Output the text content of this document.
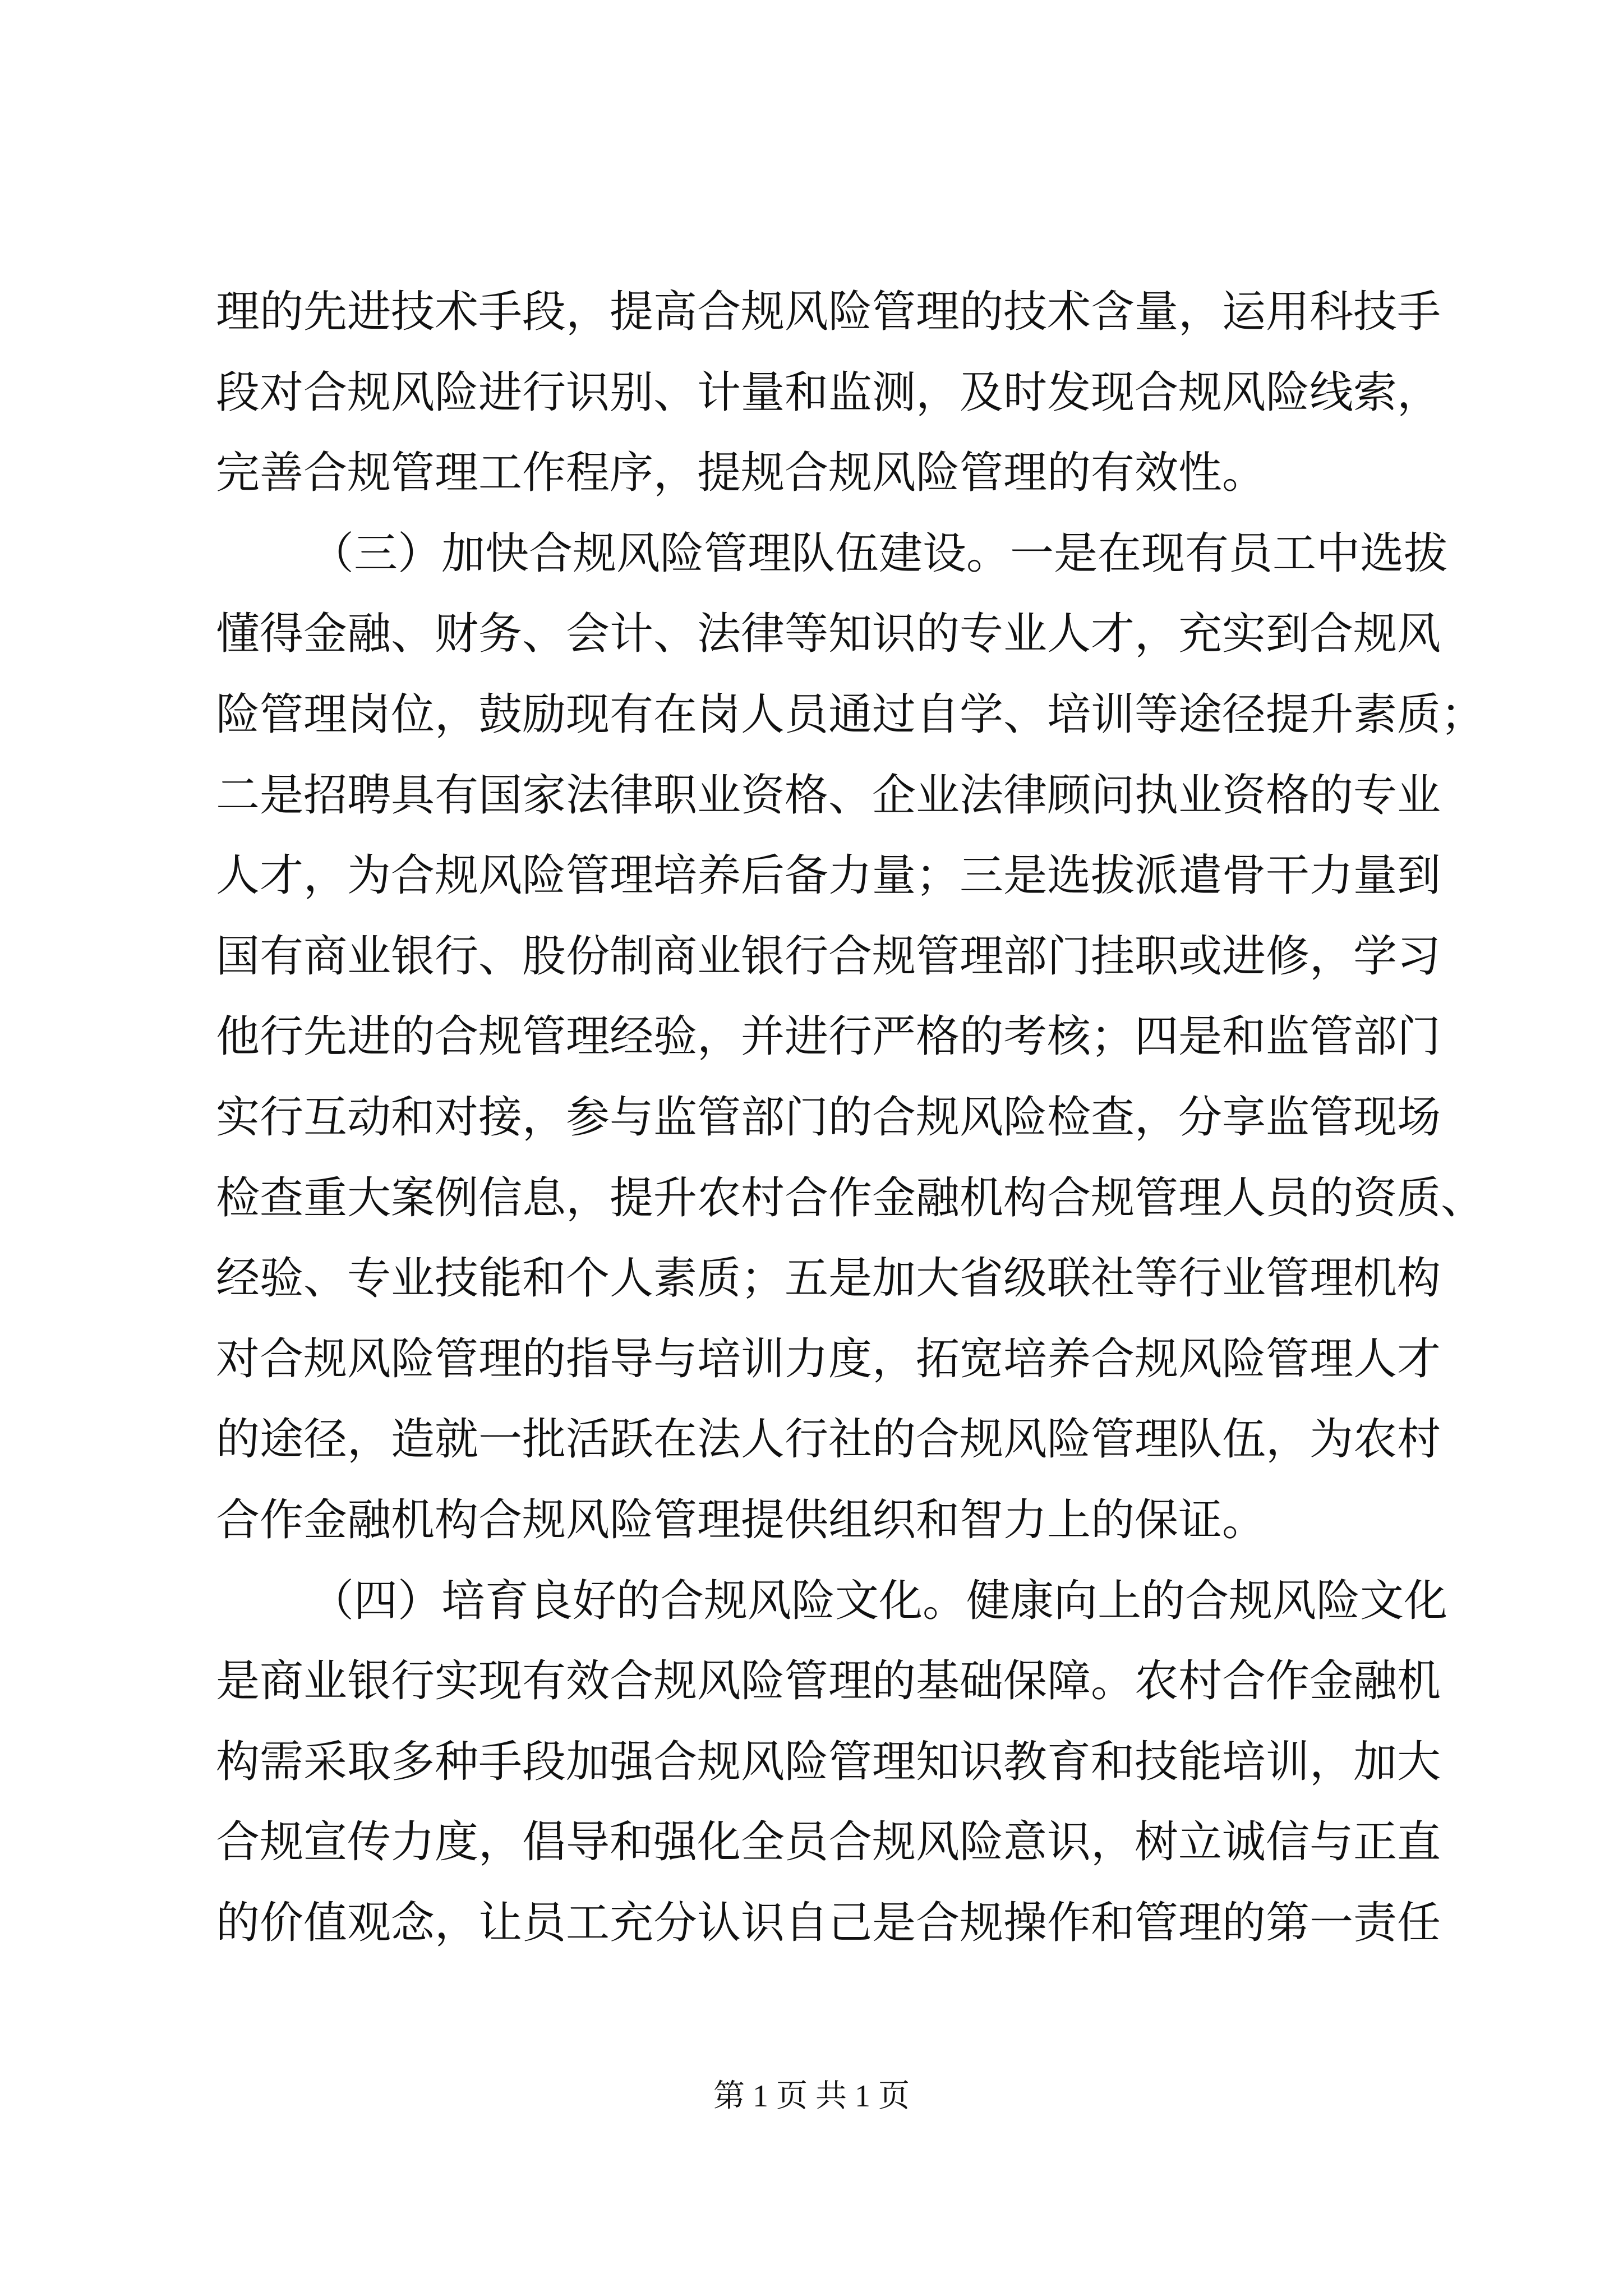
理的先进技术手段，提高合规风险管理的技术含量，运用科技手
段对合规风险进行识别、计量和监测，及时发现合规风险线索，
完善合规管理工作程序，提规合规风险管理的有效性。
（三）加快合规风险管理队伍建设。一是在现有员工中选拔
懂得金融、财务、会计、法律等知识的专业人才，充实到合规风
险管理岗位，鼓励现有在岗人员通过自学、培训等途径提升素质；
二是招聘具有国家法律职业资格、企业法律顾问执业资格的专业
人才，为合规风险管理培养后备力量；三是选拔派遣骨干力量到
国有商业银行、股份制商业银行合规管理部门挂职或进修，学习
他行先进的合规管理经验，并进行严格的考核；四是和监管部门
实行互动和对接，参与监管部门的合规风险检查，分享监管现场
检查重大案例信息，提升农村合作金融机构合规管理人员的资质、
经验、专业技能和个人素质；五是加大省级联社等行业管理机构
对合规风险管理的指导与培训力度，拓宽培养合规风险管理人才
的途径，造就一批活跃在法人行社的合规风险管理队伍，为农村
合作金融机构合规风险管理提供组织和智力上的保证。
（四）培育良好的合规风险文化。健康向上的合规风险文化
是商业银行实现有效合规风险管理的基础保障。农村合作金融机
构需采取多种手段加强合规风险管理知识教育和技能培训，加大
合规宣传力度，倡导和强化全员合规风险意识，树立诚信与正直
的价值观念，让员工充分认识自己是合规操作和管理的第一责任
第 1 页 共 1 页
